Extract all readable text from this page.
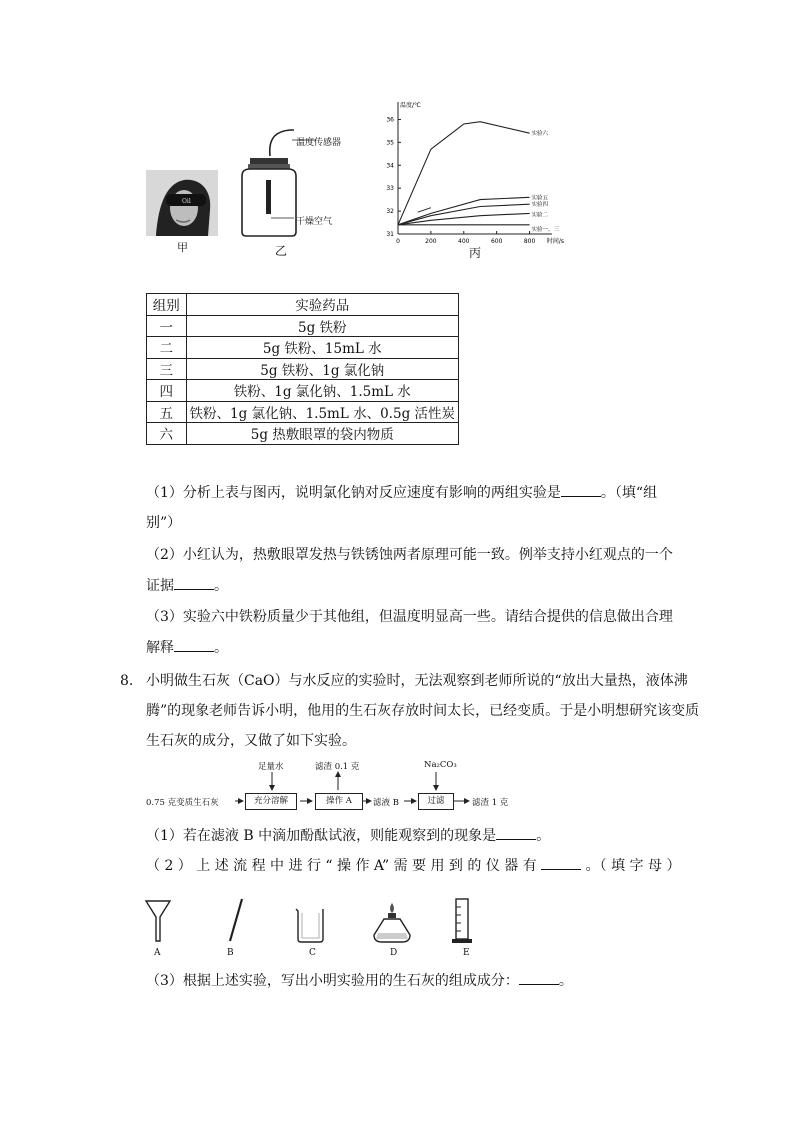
Oil
甲
温度传感器
干燥空气
乙
0	200	400	600	800
31
32
33
34
35
36
温度/℃
时间/s
实验六
实验五
实验四
实验二
实验一、三
丙
组别	实验药品
一	5g 铁粉
二	5g 铁粉、15mL 水
三	5g 铁粉、1g 氯化钠
四	铁粉、1g 氯化钠、1.5mL 水
五	铁粉、1g 氯化钠、1.5mL 水、0.5g 活性炭
六	5g 热敷眼罩的袋内物质
（1）分析上表与图丙，说明氯化钠对反应速度有影响的两组实验是	。（填“组
别”）
（2）小红认为，热敷眼罩发热与铁锈蚀两者原理可能一致。例举支持小红观点的一个
证据	。
（3）实验六中铁粉质量少于其他组，但温度明显高一些。请结合提供的信息做出合理
解释	。
8. 小明做生石灰（CaO）与水反应的实验时，无法观察到老师所说的“放出大量热，液体沸
腾”的现象老师告诉小明，他用的生石灰存放时间太长，已经变质。于是小明想研究该变质
生石灰的成分，又做了如下实验。
0.75 克变质生石灰	充分溶解
足量水
操作 A
滤渣 0.1 克
滤液 B	过滤
Na₂CO₃
滤渣 1 克
（1）若在滤液 B 中滴加酚酞试液，则能观察到的现象是	。
（ 2 ） 上 述 流 程 中 进 行 “ 操 作 A” 需 要 用 到 的 仪 器 有	。（ 填 字 母 ）
A	B	C	D	E
（3）根据上述实验，写出小明实验用的生石灰的组成成分：	。
